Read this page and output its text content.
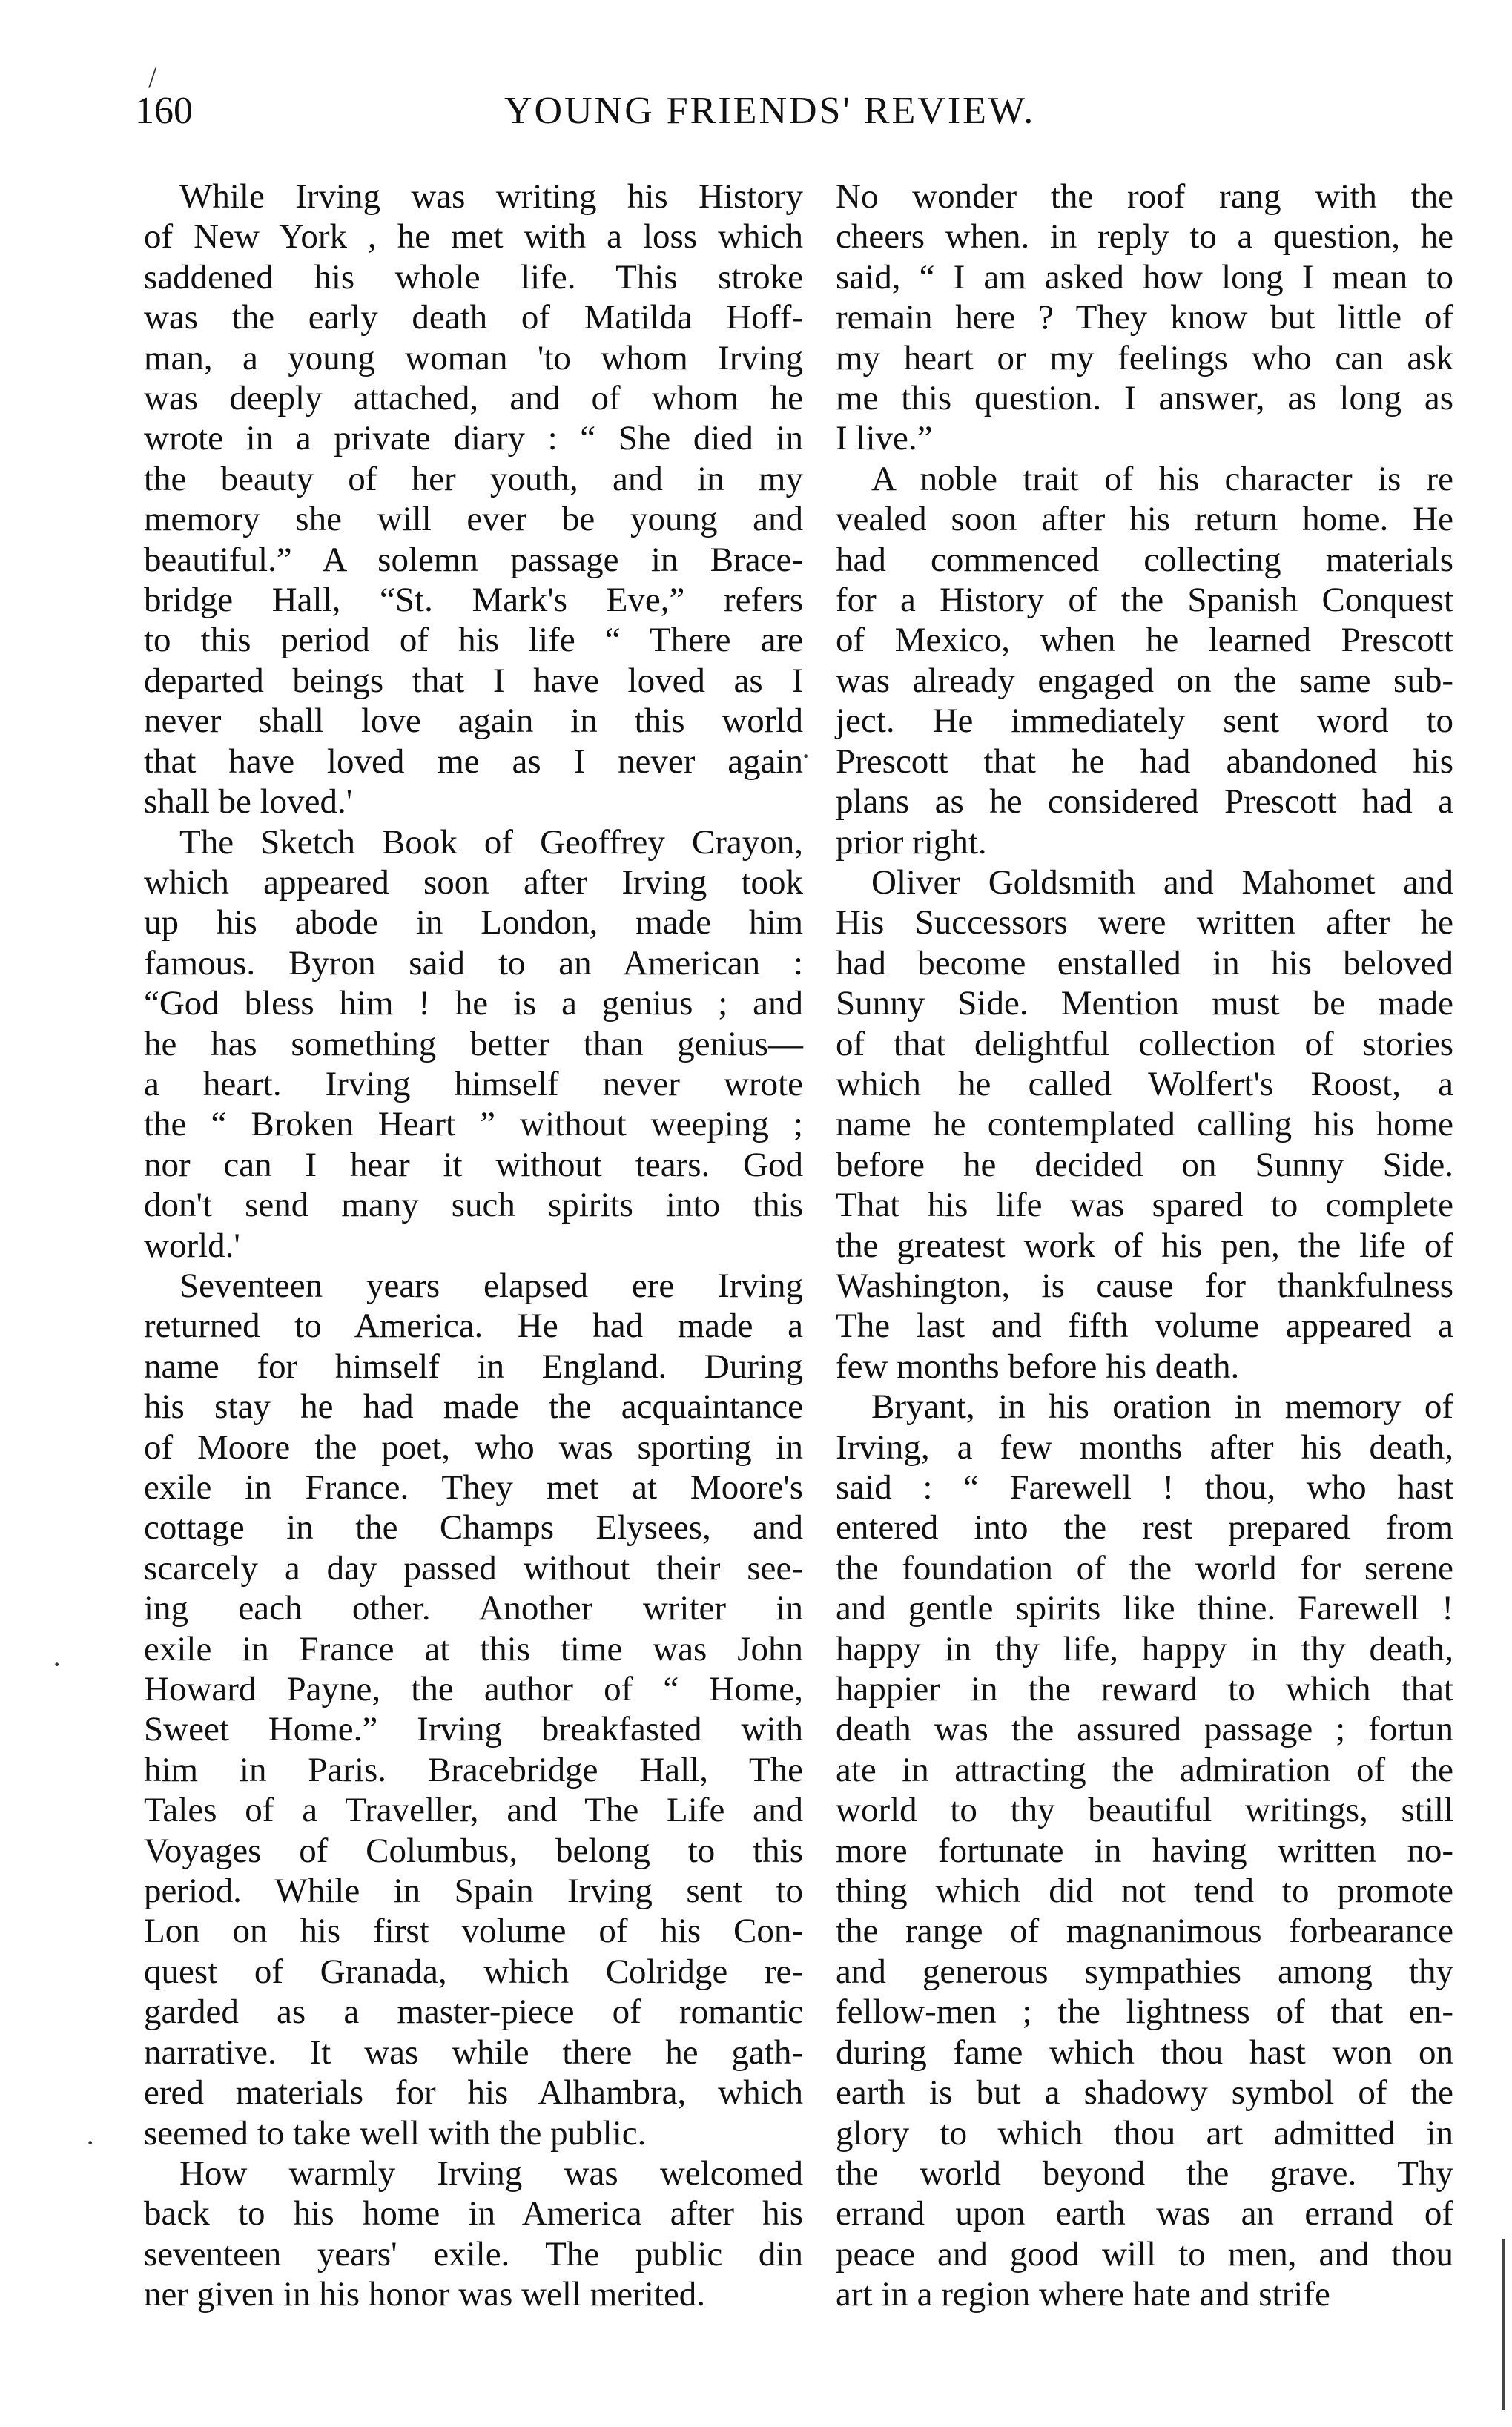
160	YOUNG FRIENDS' REVIEW.
While Irving was writing his History
of New York , he met with a loss which
saddened his whole life. This stroke
was the early death of Matilda Hoff-
man, a young woman 'to whom Irving
was deeply attached, and of whom he
wrote in a private diary : “ She died in
the beauty of her youth, and in my
memory she will ever be young and
beautiful.” A solemn passage in Brace-
bridge Hall, “St. Mark's Eve,” refers
to this period of his life “ There are
departed beings that I have loved as I
never shall love again in this world
that have loved me as I never again
shall be loved.'
The Sketch Book of Geoffrey Crayon,
which appeared soon after Irving took
up his abode in London, made him
famous. Byron said to an American :
“God bless him ! he is a genius ; and
he has something better than genius—
a heart. Irving himself never wrote
the “ Broken Heart ” without weeping ;
nor can I hear it without tears. God
don't send many such spirits into this
world.'
Seventeen years elapsed ere Irving
returned to America. He had made a
name for himself in England. During
his stay he had made the acquaintance
of Moore the poet, who was sporting in
exile in France. They met at Moore's
cottage in the Champs Elysees, and
scarcely a day passed without their see-
ing each other. Another writer in
exile in France at this time was John
Howard Payne, the author of “ Home,
Sweet Home.” Irving breakfasted with
him in Paris. Bracebridge Hall, The
Tales of a Traveller, and The Life and
Voyages of Columbus, belong to this
period. While in Spain Irving sent to
Lon on his first volume of his Con-
quest of Granada, which Colridge re-
garded as a master-piece of romantic
narrative. It was while there he gath-
ered materials for his Alhambra, which
seemed to take well with the public.
How warmly Irving was welcomed
back to his home in America after his
seventeen years' exile. The public din
ner given in his honor was well merited.
No wonder the roof rang with the
cheers when. in reply to a question, he
said, “ I am asked how long I mean to
remain here ? They know but little of
my heart or my feelings who can ask
me this question. I answer, as long as
I live.”
A noble trait of his character is re
vealed soon after his return home. He
had commenced collecting materials
for a History of the Spanish Conquest
of Mexico, when he learned Prescott
was already engaged on the same sub-
ject. He immediately sent word to
Prescott that he had abandoned his
plans as he considered Prescott had a
prior right.
Oliver Goldsmith and Mahomet and
His Successors were written after he
had become enstalled in his beloved
Sunny Side. Mention must be made
of that delightful collection of stories
which he called Wolfert's Roost, a
name he contemplated calling his home
before he decided on Sunny Side.
That his life was spared to complete
the greatest work of his pen, the life of
Washington, is cause for thankfulness
The last and fifth volume appeared a
few months before his death.
Bryant, in his oration in memory of
Irving, a few months after his death,
said : “ Farewell ! thou, who hast
entered into the rest prepared from
the foundation of the world for serene
and gentle spirits like thine. Farewell !
happy in thy life, happy in thy death,
happier in the reward to which that
death was the assured passage ; fortun
ate in attracting the admiration of the
world to thy beautiful writings, still
more fortunate in having written no-
thing which did not tend to promote
the range of magnanimous forbearance
and generous sympathies among thy
fellow-men ; the lightness of that en-
during fame which thou hast won on
earth is but a shadowy symbol of the
glory to which thou art admitted in
the world beyond the grave. Thy
errand upon earth was an errand of
peace and good will to men, and thou
art in a region where hate and strife
/
·
·
·
